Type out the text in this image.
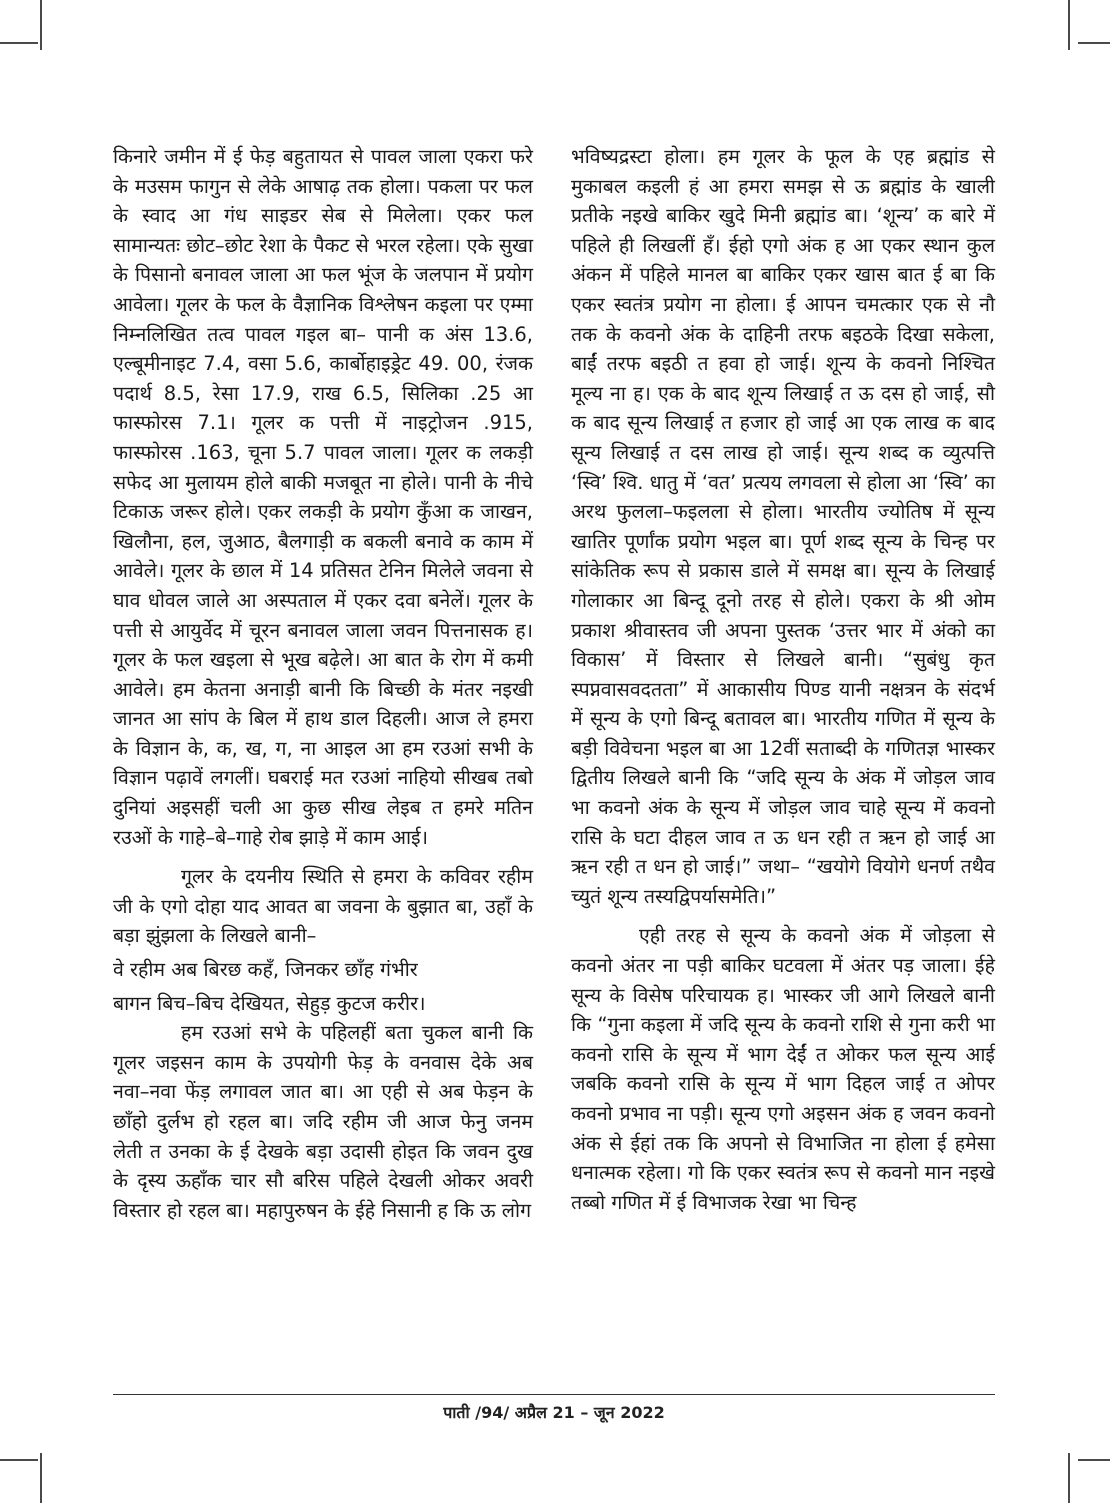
किनारे जमीन में ई फेड़ बहुतायत से पावल जाला एकरा फरे के मउसम फागुन से लेके आषाढ़ तक होला। पकला पर फल के स्वाद आ गंध साइडर सेब से मिलेला। एकर फल सामान्यतः छोट–छोट रेशा के पैकट से भरल रहेला। एके सुखा के पिसानो बनावल जाला आ फल भूंज के जलपान में प्रयोग आवेला। गूलर के फल के वैज्ञानिक विश्लेषन कइला पर एम्मा निम्नलिखित तत्व पावल गइल बा– पानी क अंस 13.6, एल्बूमीनाइट 7.4, वसा 5.6, कार्बोहाइड्रेट 49. 00, रंजक पदार्थ 8.5, रेसा 17.9, राख 6.5, सिलिका .25 आ फास्फोरस 7.1। गूलर क पत्ती में नाइट्रोजन .915, फास्फोरस .163, चूना 5.7 पावल जाला। गूलर क लकड़ी सफेद आ मुलायम होले बाकी मजबूत ना होले। पानी के नीचे टिकाऊ जरूर होले। एकर लकड़ी के प्रयोग कुँआ क जाखन, खिलौना, हल, जुआठ, बैलगाड़ी क बकली बनावे क काम में आवेले। गूलर के छाल में 14 प्रतिसत टेनिन मिलेले जवना से घाव धोवल जाले आ अस्पताल में एकर दवा बनेलें। गूलर के पत्ती से आयुर्वेद में चूरन बनावल जाला जवन पित्तनासक ह। गूलर के फल खइला से भूख बढ़ेले। आ बात के रोग में कमी आवेले। हम केतना अनाड़ी बानी कि बिच्छी के मंतर नइखी जानत आ सांप के बिल में हाथ डाल दिहली। आज ले हमरा के विज्ञान के, क, ख, ग, ना आइल आ हम रउआं सभी के विज्ञान पढ़ावें लगलीं। घबराई मत रउआं नाहियो सीखब तबो दुनियां अइसहीं चली आ कुछ सीख लेइब त हमरे मतिन रउओं के गाहे–बे–गाहे रोब झाड़े में काम आई।

गूलर के दयनीय स्थिति से हमरा के कविवर रहीम जी के एगो दोहा याद आवत बा जवना के बुझात बा, उहाँ के बड़ा झुंझला के लिखले बानी–

वे रहीम अब बिरछ कहँ, जिनकर छाँह गंभीर

बागन बिच–बिच देखियत, सेहुड़ कुटज करीर।

हम रउआं सभे के पहिलहीं बता चुकल बानी कि गूलर जइसन काम के उपयोगी फेड़ के वनवास देके अब नवा–नवा फेंड़ लगावल जात बा। आ एही से अब फेड़न के छाँहो दुर्लभ हो रहल बा। जदि रहीम जी आज फेनु जनम लेती त उनका के ई देखके बड़ा उदासी होइत कि जवन दुख के दृस्य ऊहाँक चार सौ बरिस पहिले देखली ओकर अवरी विस्तार हो रहल बा। महापुरुषन के ईहे निसानी ह कि ऊ लोग

भविष्यद्रस्टा होला। हम गूलर के फूल के एह ब्रह्मांड से मुकाबल कइली हं आ हमरा समझ से ऊ ब्रह्मांड के खाली प्रतीके नइखे बाकिर खुदे मिनी ब्रह्मांड बा। ‘शून्य’ क बारे में पहिले ही लिखलीं हँ। ईहो एगो अंक ह आ एकर स्थान कुल अंकन में पहिले मानल बा बाकिर एकर खास बात ई बा कि एकर स्वतंत्र प्रयोग ना होला। ई आपन चमत्कार एक से नौ तक के कवनो अंक के दाहिनी तरफ बइठके दिखा सकेला, बाईं तरफ बइठी त हवा हो जाई। शून्य के कवनो निश्चित मूल्य ना ह। एक के बाद शून्य लिखाई त ऊ दस हो जाई, सौ क बाद सून्य लिखाई त हजार हो जाई आ एक लाख क बाद सून्य लिखाई त दस लाख हो जाई। सून्य शब्द क व्युत्पत्ति ‘स्वि’ श्वि. धातु में ‘वत’ प्रत्यय लगवला से होला आ ‘स्वि’ का अरथ फुलला–फइलला से होला। भारतीय ज्योतिष में सून्य खातिर पूर्णांक प्रयोग भइल बा। पूर्ण शब्द सून्य के चिन्ह पर सांकेतिक रूप से प्रकास डाले में समक्ष बा। सून्य के लिखाई गोलाकार आ बिन्दू दूनो तरह से होले। एकरा के श्री ओम प्रकाश श्रीवास्तव जी अपना पुस्तक ‘उत्तर भार में अंको का विकास’ में विस्तार से लिखले बानी। “सुबंधु कृत स्पप्नवासवदतता” में आकासीय पिण्ड यानी नक्षत्रन के संदर्भ में सून्य के एगो बिन्दू बतावल बा। भारतीय गणित में सून्य के बड़ी विवेचना भइल बा आ 12वीं सताब्दी के गणितज्ञ भास्कर द्वितीय लिखले बानी कि “जदि सून्य के अंक में जोड़ल जाव भा कवनो अंक के सून्य में जोड़ल जाव चाहे सून्य में कवनो रासि के घटा दीहल जाव त ऊ धन रही त ऋन हो जाई आ ऋन रही त धन हो जाई।” जथा– “खयोगे वियोगे धनर्ण तथैव च्युतं शून्य तस्यद्विपर्यासमेति।”

एही तरह से सून्य के कवनो अंक में जोड़ला से कवनो अंतर ना पड़ी बाकिर घटवला में अंतर पड़ जाला। ईहे सून्य के विसेष परिचायक ह। भास्कर जी आगे लिखले बानी कि “गुना कइला में जदि सून्य के कवनो राशि से गुना करी भा कवनो रासि के सून्य में भाग देईं त ओकर फल सून्य आई जबकि कवनो रासि के सून्य में भाग दिहल जाई त ओपर कवनो प्रभाव ना पड़ी। सून्य एगो अइसन अंक ह जवन कवनो अंक से ईहां तक कि अपनो से विभाजित ना होला ई हमेसा धनात्मक रहेला। गो कि एकर स्वतंत्र रूप से कवनो मान नइखे तब्बो गणित में ई विभाजक रेखा भा चिन्ह

पाती /94/ अप्रैल 21 – जून 2022
